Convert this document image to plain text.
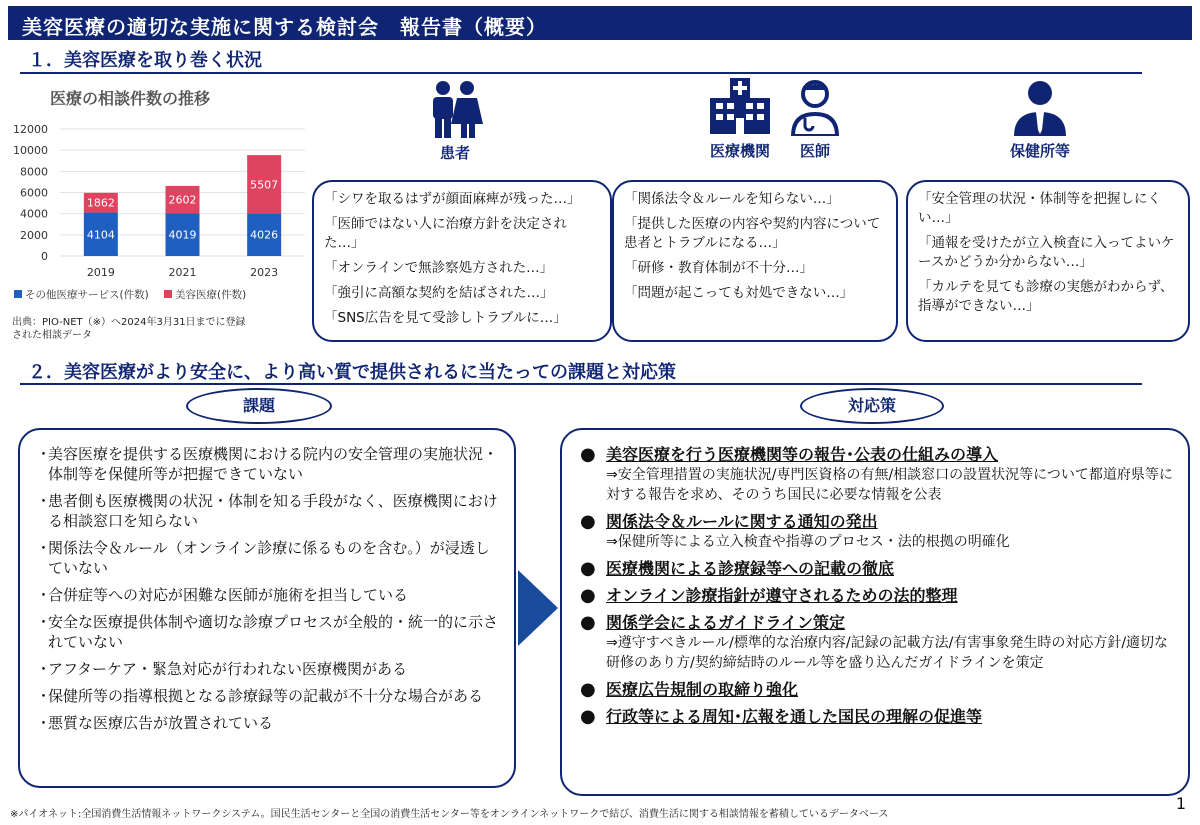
美容医療の適切な実施に関する検討会　報告書（概要）
１．美容医療を取り巻く状況
医療の相談件数の推移
0
2000
4000
6000
8000
10000
12000
4104
1862
4019
2602
4026
5507
2019	2021	2023
その他医療サービス(件数)	美容医療(件数)
出典：PIO-NET（※）へ2024年3月31日までに登録
された相談データ
患者	医療機関	医師	保健所等

「シワを取るはずが顔面麻痺が残った…」

「医師ではない人に治療方針を決定された…」

「オンラインで無診察処方された…」

「強引に高額な契約を結ばされた…」

「SNS広告を見て受診しトラブルに…」

「関係法令＆ルールを知らない…」

「提供した医療の内容や契約内容について患者とトラブルになる…」

「研修・教育体制が不十分…」

「問題が起こっても対処できない…」

「安全管理の状況・体制等を把握しにくい…」

「通報を受けたが立入検査に入ってよいケースかどうか分からない…」

「カルテを見ても診療の実態がわからず、指導ができない…」

２．美容医療がより安全に、より高い質で提供されるに当たっての課題と対応策
課題	対応策
・
美容医療を提供する医療機関における院内の安全管理の実施状況・体制等を保健所等が把握できていない
・
患者側も医療機関の状況・体制を知る手段がなく、医療機関における相談窓口を知らない
・
関係法令＆ルール（オンライン診療に係るものを含む。）が浸透していない
・
合併症等への対応が困難な医師が施術を担当している
・
安全な医療提供体制や適切な診療プロセスが全般的・統一的に示されていない
・
アフターケア・緊急対応が行われない医療機関がある
・
保健所等の指導根拠となる診療録等の記載が不十分な場合がある
・
悪質な医療広告が放置されている
● 美容医療を行う医療機関等の報告･公表の仕組みの導入
⇒安全管理措置の実施状況/専門医資格の有無/相談窓口の設置状況等について都道府県等に対する報告を求め、そのうち国民に必要な情報を公表
● 関係法令＆ルールに関する通知の発出
⇒保健所等による立入検査や指導のプロセス・法的根拠の明確化
● 医療機関による診療録等への記載の徹底
● オンライン診療指針が遵守されるための法的整理
● 関係学会によるガイドライン策定
⇒遵守すべきルール/標準的な治療内容/記録の記載方法/有害事象発生時の対応方針/適切な研修のあり方/契約締結時のルール等を盛り込んだガイドラインを策定
● 医療広告規制の取締り強化
● 行政等による周知･広報を通した国民の理解の促進等
※パイオネット:全国消費生活情報ネットワークシステム。国民生活センターと全国の消費生活センター等をオンラインネットワークで結び、消費生活に関する相談情報を蓄積しているデータベース
1
